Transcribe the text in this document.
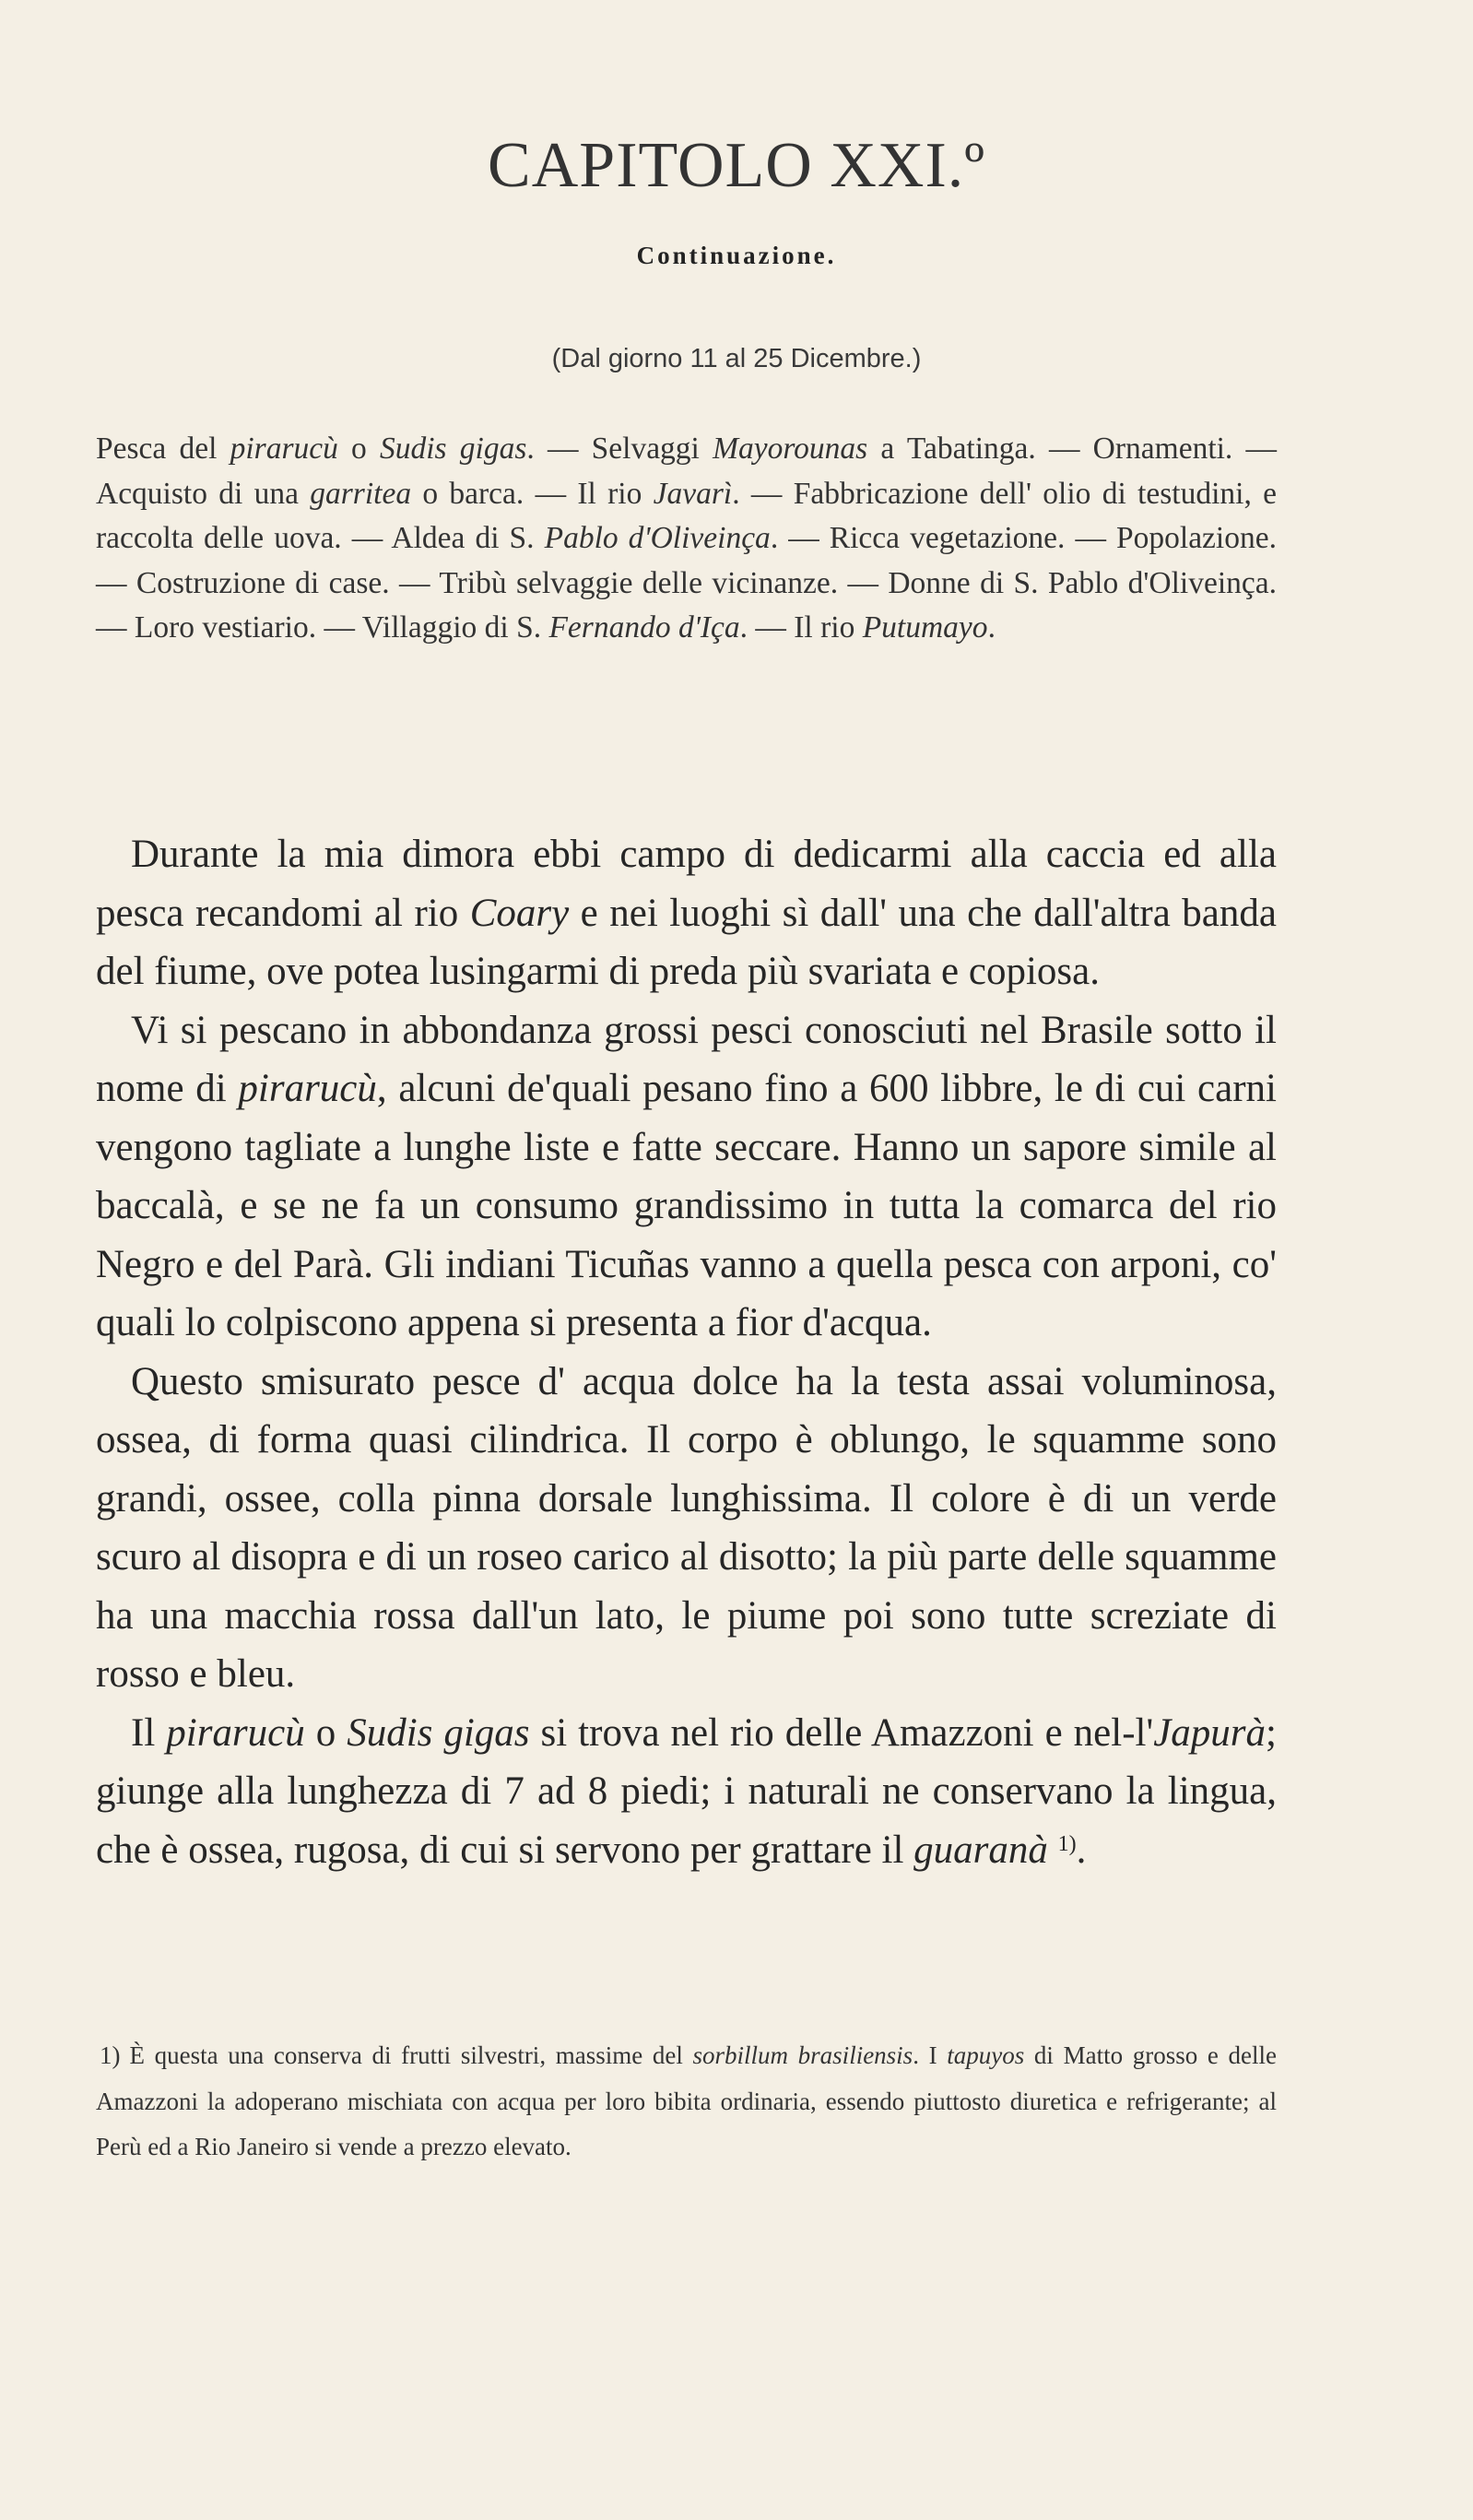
CAPITOLO XXI.º
Continuazione.
(Dal giorno 11 al 25 Dicembre.)
Pesca del pirarucù o Sudis gigas. — Selvaggi Mayorounas a Tabatinga. — Ornamenti. — Acquisto di una garritea o barca. — Il rio Javarì. — Fabbricazione dell' olio di testudini, e raccolta delle uova. — Aldea di S. Pablo d'Oliveinça. — Ricca vegetazione. — Popolazione. — Costruzione di case. — Tribù selvaggie delle vicinanze. — Donne di S. Pablo d'Oliveinça. — Loro vestiario. — Villaggio di S. Fernando d'Iça. — Il rio Putumayo.

Durante la mia dimora ebbi campo di dedicarmi alla caccia ed alla pesca recandomi al rio Coary e nei luoghi sì dall' una che dall'altra banda del fiume, ove potea lusingarmi di preda più svariata e copiosa.

Vi si pescano in abbondanza grossi pesci conosciuti nel Brasile sotto il nome di pirarucù, alcuni de'quali pesano fino a 600 libbre, le di cui carni vengono tagliate a lunghe liste e fatte seccare. Hanno un sapore simile al baccalà, e se ne fa un consumo grandissimo in tutta la comarca del rio Negro e del Parà. Gli indiani Ticuñas vanno a quella pesca con arponi, co' quali lo colpiscono appena si presenta a fior d'acqua.

Questo smisurato pesce d' acqua dolce ha la testa assai voluminosa, ossea, di forma quasi cilindrica. Il corpo è oblungo, le squamme sono grandi, ossee, colla pinna dorsale lunghissima. Il colore è di un verde scuro al disopra e di un roseo carico al disotto; la più parte delle squamme ha una macchia rossa dall'un lato, le piume poi sono tutte screziate di rosso e bleu.

Il pirarucù o Sudis gigas si trova nel rio delle Amazzoni e nel-l'Japurà; giunge alla lunghezza di 7 ad 8 piedi; i naturali ne conservano la lingua, che è ossea, rugosa, di cui si servono per grattare il guaranà $^{1)}$.

1) È questa una conserva di frutti silvestri, massime del sorbillum brasiliensis. I tapuyos di Matto grosso e delle Amazzoni la adoperano mischiata con acqua per loro bibita ordinaria, essendo piuttosto diuretica e refrigerante; al Perù ed a Rio Janeiro si vende a prezzo elevato.
